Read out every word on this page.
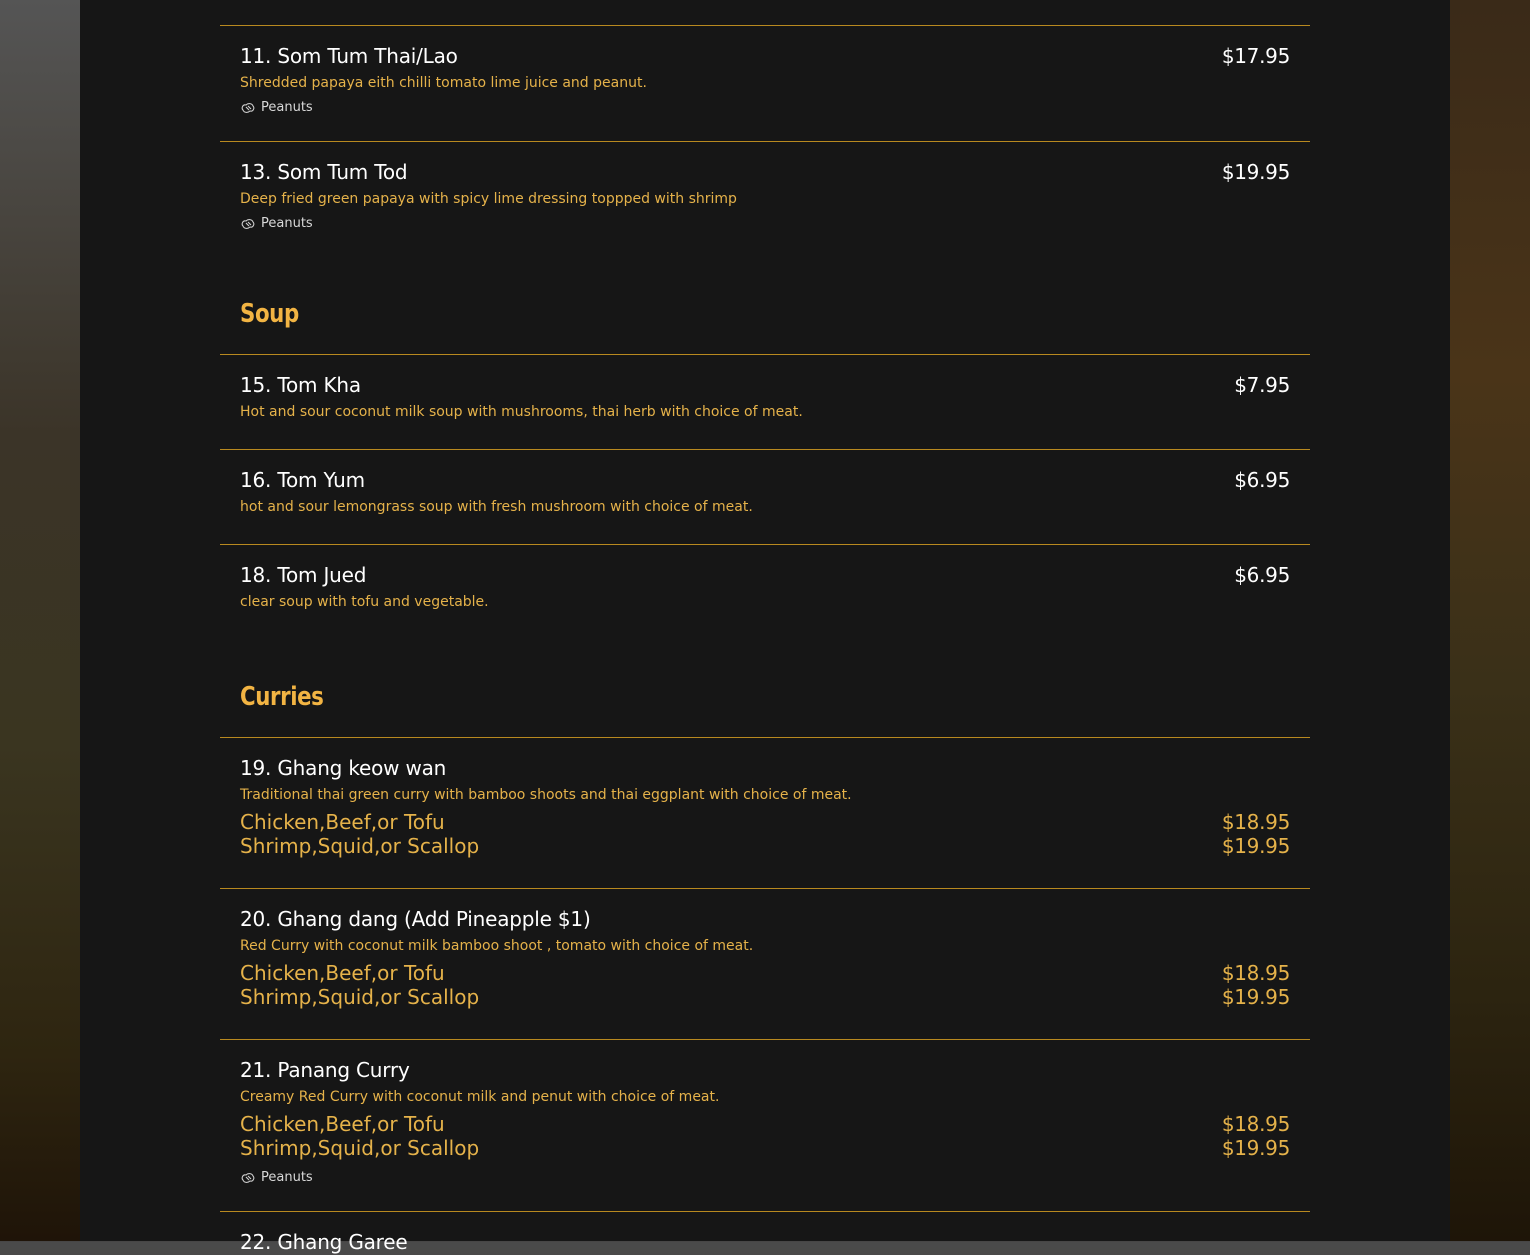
11. Som Tum Thai/Lao	$17.95
Shredded papaya eith chilli tomato lime juice and peanut.
Peanuts
13. Som Tum Tod	$19.95
Deep fried green papaya with spicy lime dressing toppped with shrimp
Peanuts
Soup
15. Tom Kha	$7.95
Hot and sour coconut milk soup with mushrooms, thai herb with choice of meat.
16. Tom Yum	$6.95
hot and sour lemongrass soup with fresh mushroom with choice of meat.
18. Tom Jued	$6.95
clear soup with tofu and vegetable.
Curries
19. Ghang keow wan
Traditional thai green curry with bamboo shoots and thai eggplant with choice of meat.
Chicken,Beef,or Tofu	$18.95
Shrimp,Squid,or Scallop	$19.95
20. Ghang dang (Add Pineapple $1)
Red Curry with coconut milk bamboo shoot , tomato with choice of meat.
Chicken,Beef,or Tofu	$18.95
Shrimp,Squid,or Scallop	$19.95
21. Panang Curry
Creamy Red Curry with coconut milk and penut with choice of meat.
Chicken,Beef,or Tofu	$18.95
Shrimp,Squid,or Scallop	$19.95
Peanuts
22. Ghang Garee
